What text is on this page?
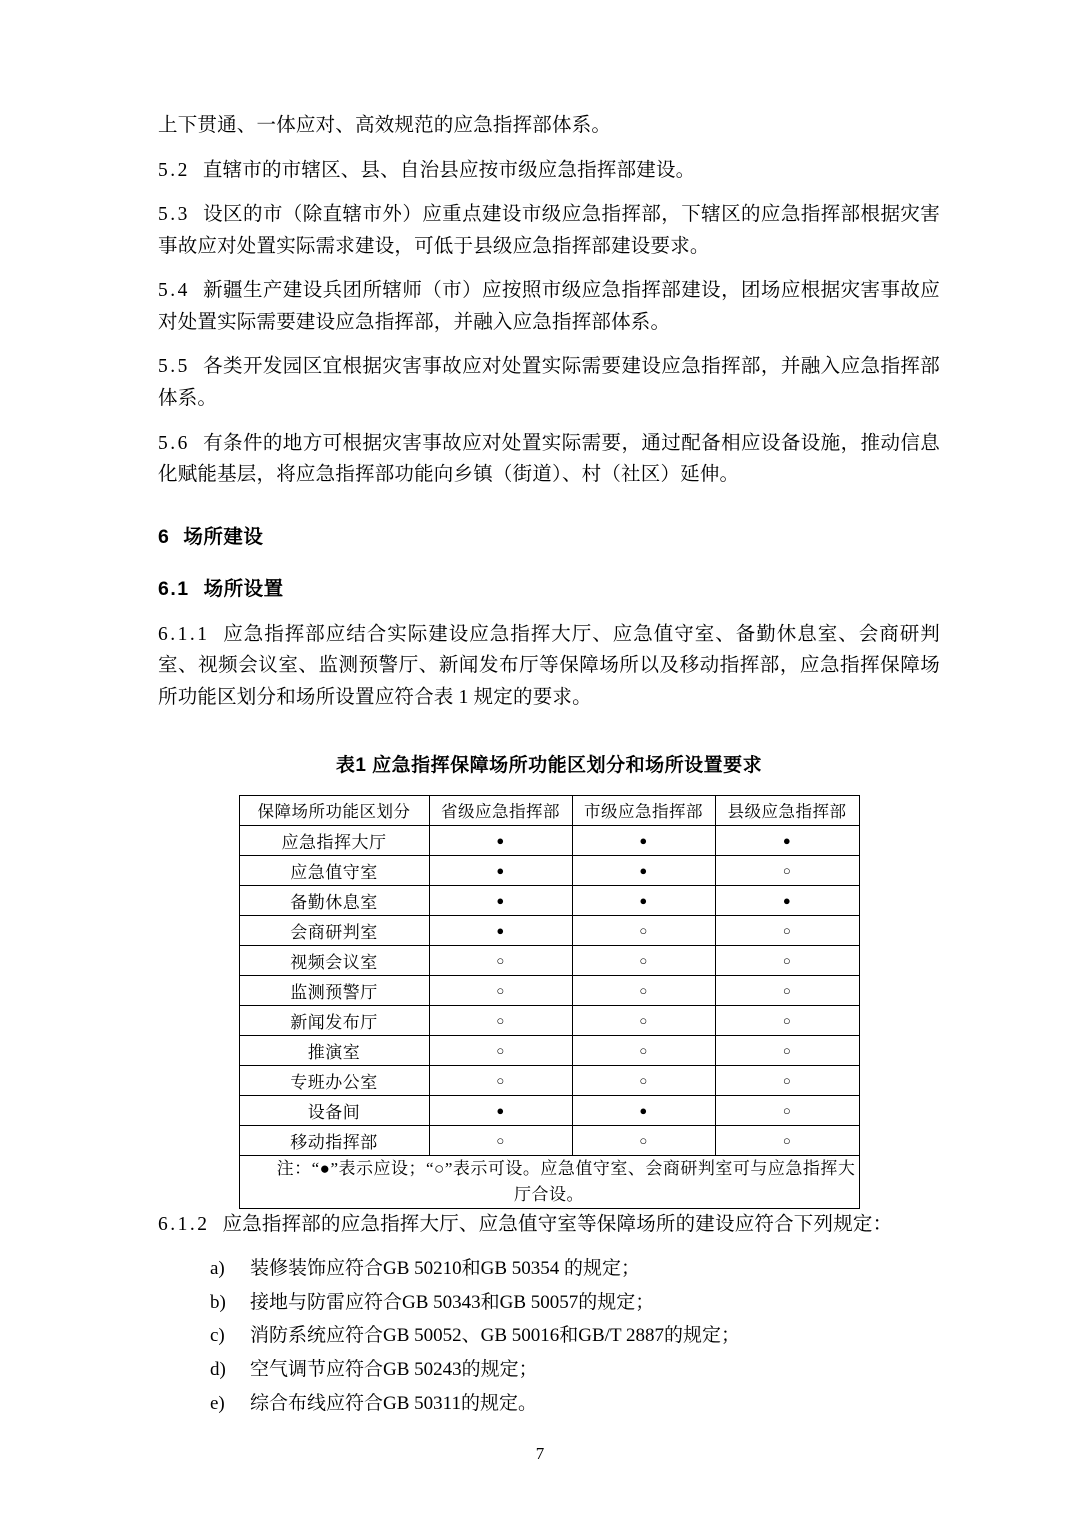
上下贯通、一体应对、高效规范的应急指挥部体系。

5.2 直辖市的市辖区、县、自治县应按市级应急指挥部建设。

5.3 设区的市（除直辖市外）应重点建设市级应急指挥部，下辖区的应急指挥部根据灾害事故应对处置实际需求建设，可低于县级应急指挥部建设要求。

5.4 新疆生产建设兵团所辖师（市）应按照市级应急指挥部建设，团场应根据灾害事故应对处置实际需要建设应急指挥部，并融入应急指挥部体系。

5.5 各类开发园区宜根据灾害事故应对处置实际需要建设应急指挥部，并融入应急指挥部体系。

5.6 有条件的地方可根据灾害事故应对处置实际需要，通过配备相应设备设施，推动信息化赋能基层，将应急指挥部功能向乡镇（街道）、村（社区）延伸。

6 场所建设
6.1 场所设置

6.1.1 应急指挥部应结合实际建设应急指挥大厅、应急值守室、备勤休息室、会商研判室、视频会议室、监测预警厅、新闻发布厅等保障场所以及移动指挥部，应急指挥保障场所功能区划分和场所设置应符合表 1 规定的要求。

表1 应急指挥保障场所功能区划分和场所设置要求
保障场所功能区划分	省级应急指挥部	市级应急指挥部	县级应急指挥部
应急指挥大厅	●	●	●
应急值守室	●	●	○
备勤休息室	●	●	●
会商研判室	●	○	○
视频会议室	○	○	○
监测预警厅	○	○	○
新闻发布厅	○	○	○
推演室	○	○	○
专班办公室	○	○	○
设备间	●	●	○
移动指挥部	○	○	○
注：“●”表示应设；“○”表示可设。应急值守室、会商研判室可与应急指挥大厅合设。			

6.1.2 应急指挥部的应急指挥大厅、应急值守室等保障场所的建设应符合下列规定：

a)	装修装饰应符合GB 50210和GB 50354 的规定；
b)	接地与防雷应符合GB 50343和GB 50057的规定；
c)	消防系统应符合GB 50052、GB 50016和GB/T 2887的规定；
d)	空气调节应符合GB 50243的规定；
e)	综合布线应符合GB 50311的规定。
7
